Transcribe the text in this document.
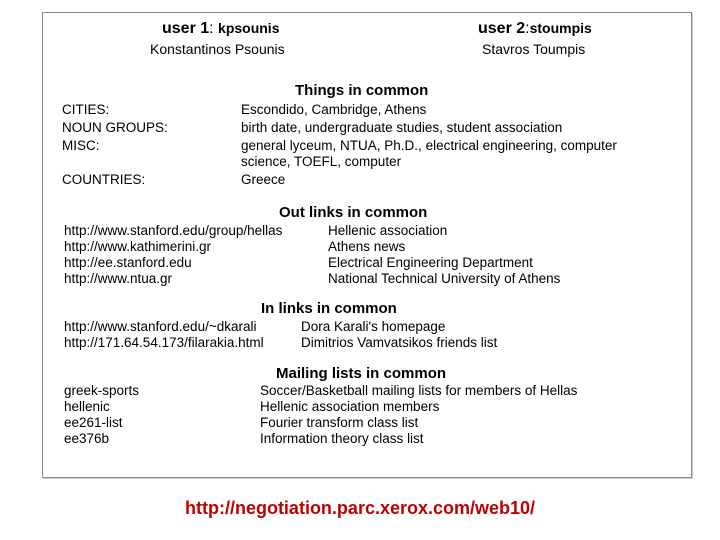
user 1: kpsounis
Konstantinos Psounis
user 2:stoumpis
Stavros Toumpis
Things in common
CITIES:	Escondido, Cambridge, Athens
NOUN GROUPS:	birth date, undergraduate studies, student association
MISC:	general lyceum, NTUA, Ph.D., electrical engineering, computer
science, TOEFL, computer
COUNTRIES:	Greece
Out links in common
http://www.stanford.edu/group/hellas	Hellenic association
http://www.kathimerini.gr	Athens news
http://ee.stanford.edu	Electrical Engineering Department
http://www.ntua.gr	National Technical University of Athens
In links in common
http://www.stanford.edu/~dkarali	Dora Karali's homepage
http://171.64.54.173/filarakia.html	Dimitrios Vamvatsikos friends list
Mailing lists in common
greek-sports	Soccer/Basketball mailing lists for members of Hellas
hellenic	Hellenic association members
ee261-list	Fourier transform class list
ee376b	Information theory class list
http://negotiation.parc.xerox.com/web10/
